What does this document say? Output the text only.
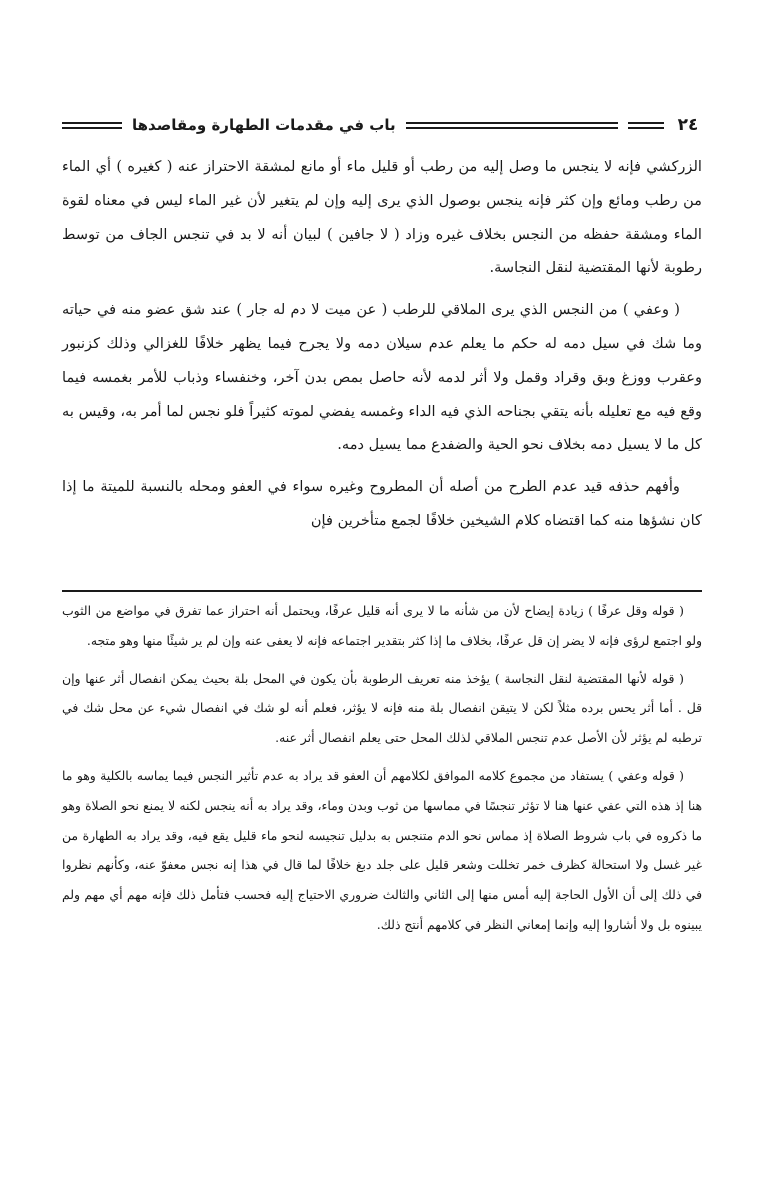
٢٤
باب في مقدمات الطهارة ومقاصدها

الزركشي فإنه لا ينجس ما وصل إليه من رطب أو قليل ماء أو مانع لمشقة الاحتراز عنه ( كغيره ) أي الماء من رطب ومائع وإن كثر فإنه ينجس بوصول الذي يرى إليه وإن لم يتغير لأن غير الماء ليس في معناه لقوة الماء ومشقة حفظه من النجس بخلاف غيره وزاد ( لا جافين ) لبيان أنه لا بد في تنجس الجاف من توسط رطوبة لأنها المقتضية لنقل النجاسة.

( وعفي ) من النجس الذي يرى الملاقي للرطب ( عن ميت لا دم له جار ) عند شق عضو منه في حياته وما شك في سيل دمه له حكم ما يعلم عدم سيلان دمه ولا يجرح فيما يظهر خلافًا للغزالي وذلك كزنبور وعقرب ووزغ وبق وقراد وقمل ولا أثر لدمه لأنه حاصل بمص بدن آخر، وخنفساء وذباب للأمر بغمسه فيما وقع فيه مع تعليله بأنه يتقي بجناحه الذي فيه الداء وغمسه يفضي لموته كثيراً فلو نجس لما أمر به، وقيس به كل ما لا يسيل دمه بخلاف نحو الحية والضفدع مما يسيل دمه.

وأفهم حذفه قيد عدم الطرح من أصله أن المطروح وغيره سواء في العفو ومحله بالنسبة للميتة ما إذا كان نشؤها منه كما اقتضاه كلام الشيخين خلافًا لجمع متأخرين فإن

( قوله وقل عرفًا ) زيادة إيضاح لأن من شأنه ما لا يرى أنه قليل عرفًا، ويحتمل أنه احتراز عما تفرق في مواضع من الثوب ولو اجتمع لرؤى فإنه لا يضر إن قل عرفًا، بخلاف ما إذا كثر بتقدير اجتماعه فإنه لا يعفى عنه وإن لم ير شيئًا منها وهو متجه.

( قوله لأنها المقتضية لنقل النجاسة ) يؤخذ منه تعريف الرطوبة بأن يكون في المحل بلة بحيث يمكن انفصال أثر عنها وإن قل . أما أثر يحس برده مثلاً لكن لا يتيقن انفصال بلة منه فإنه لا يؤثر، فعلم أنه لو شك في انفصال شيء عن محل شك في ترطبه لم يؤثر لأن الأصل عدم تنجس الملاقي لذلك المحل حتى يعلم انفصال أثر عنه.

( قوله وعفي ) يستفاد من مجموع كلامه الموافق لكلامهم أن العفو قد يراد به عدم تأثير النجس فيما يماسه بالكلية وهو ما هنا إذ هذه التي عفي عنها هنا لا تؤثر تنجسًا في مماسها من ثوب وبدن وماء، وقد يراد به أنه ينجس لكنه لا يمنع نحو الصلاة وهو ما ذكروه في باب شروط الصلاة إذ مماس نحو الدم متنجس به بدليل تنجيسه لنحو ماء قليل يقع فيه، وقد يراد به الطهارة من غير غسل ولا استحالة كظرف خمر تخللت وشعر قليل على جلد دبغ خلافًا لما قال في هذا إنه نجس معفوّ عنه، وكأنهم نظروا في ذلك إلى أن الأول الحاجة إليه أمس منها إلى الثاني والثالث ضروري الاحتياج إليه فحسب فتأمل ذلك فإنه مهم أي مهم ولم يبينوه بل ولا أشاروا إليه وإنما إمعاني النظر في كلامهم أنتج ذلك.
